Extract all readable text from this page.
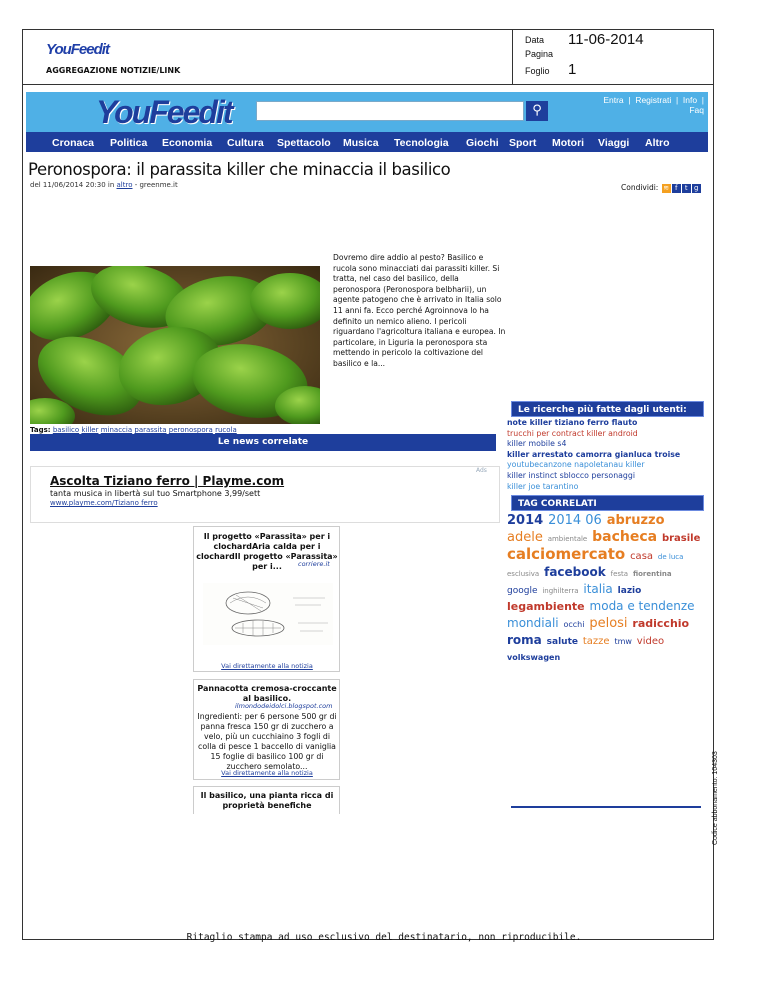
YouFeedit
AGGREGAZIONE NOTIZIE/LINK
Data 11-06-2014
Pagina
Foglio 1
YouFeedit	⚲
Entra  |  Registrati  |  Info  |
Faq
Cronaca Politica Economia Cultura Spettacolo Musica Tecnologia Giochi Sport Motori Viaggi Altro
Peronospora: il parassita killer che minaccia il basilico
del 11/06/2014 20:30 in altro - greenme.it	Condividi: ≋ f t g
Dovremo dire addio al pesto? Basilico e rucola sono minacciati dai parassiti killer. Si tratta, nel caso del basilico, della peronospora (Peronospora belbharii), un agente patogeno che è arrivato in Italia solo 11 anni fa. Ecco perché Agroinnova lo ha definito un nemico alieno. I pericoli riguardano l'agricoltura italiana e europea. In particolare, in Liguria la peronospora sta mettendo in pericolo la coltivazione del basilico e la...
Tags: basilico killer minaccia parassita peronospora rucola
Le news correlate
Ascolta Tiziano ferro | Playme.com
tanta musica in libertà sul tuo Smartphone 3,99/sett
www.playme.com/Tiziano ferro
Ads
Il progetto «Parassita» per i clochardAria calda per i clochardIl progetto «Parassita» per i...	corriere.it
Vai direttamente alla notizia
Pannacotta cremosa-croccante al basilico.
ilmondodeidolci.blogspot.com
Ingredienti: per 6 persone 500 gr di panna fresca 150 gr di zucchero a velo, più un cucchiaino 3 fogli di colla di pesce 1 baccello di vaniglia 15 foglie di basilico 100 gr di zucchero semolato...
Vai direttamente alla notizia
Il basilico, una pianta ricca di proprietà benefiche
Le ricerche più fatte dagli utenti:
note killer tiziano ferro flauto
trucchi per contract killer android
killer mobile s4
killer arrestato camorra gianluca troise
youtubecanzone napoletanau killer
killer instinct sblocco personaggi
killer joe tarantino
TAG CORRELATI
2014 2014 06 abruzzo adele ambientale bacheca brasile calciomercato casa de luca esclusiva facebook festa fiorentina google inghilterra italia lazio legambiente moda e tendenze mondiali occhi pelosi radicchio roma salute tazze tmw video volkswagen
Ritaglio stampa ad uso esclusivo del destinatario, non riproducibile.
Codice abbonamento: 104303
